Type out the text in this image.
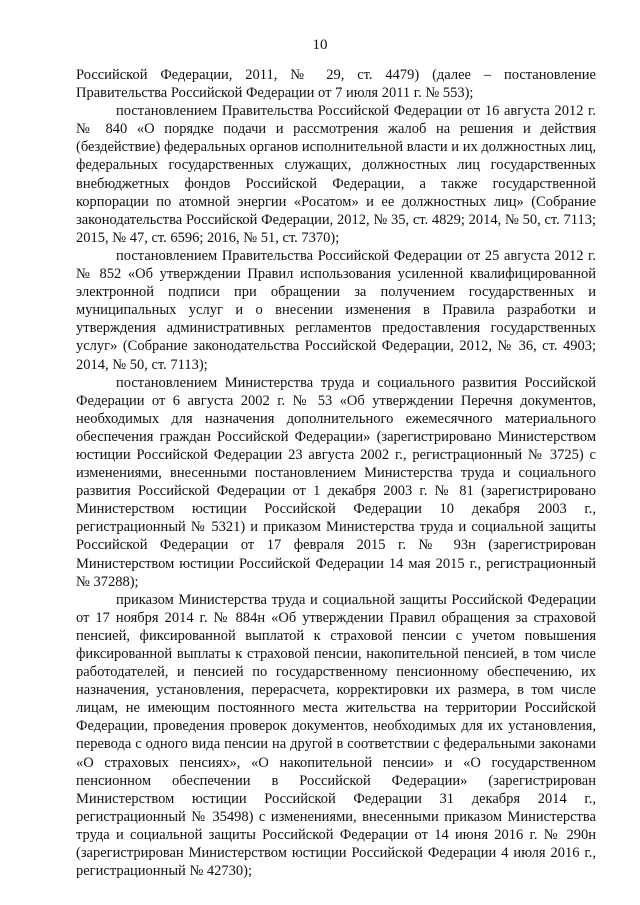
10

Российской Федерации, 2011, № 29, ст. 4479) (далее – постановление Правительства Российской Федерации от 7 июля 2011 г. № 553);

постановлением Правительства Российской Федерации от 16 августа 2012 г. № 840 «О порядке подачи и рассмотрения жалоб на решения и действия (бездействие) федеральных органов исполнительной власти и их должностных лиц, федеральных государственных служащих, должностных лиц государственных внебюджетных фондов Российской Федерации, а также государственной корпорации по атомной энергии «Росатом» и ее должностных лиц» (Собрание законодательства Российской Федерации, 2012, № 35, ст. 4829; 2014, № 50, ст. 7113; 2015, № 47, ст. 6596; 2016, № 51, ст. 7370);

постановлением Правительства Российской Федерации от 25 августа 2012 г. № 852 «Об утверждении Правил использования усиленной квалифицированной электронной подписи при обращении за получением государственных и муниципальных услуг и о внесении изменения в Правила разработки и утверждения административных регламентов предоставления государственных услуг» (Собрание законодательства Российской Федерации, 2012, № 36, ст. 4903; 2014, № 50, ст. 7113);

постановлением Министерства труда и социального развития Российской Федерации от 6 августа 2002 г. № 53 «Об утверждении Перечня документов, необходимых для назначения дополнительного ежемесячного материального обеспечения граждан Российской Федерации» (зарегистрировано Министерством юстиции Российской Федерации 23 августа 2002 г., регистрационный № 3725) с изменениями, внесенными постановлением Министерства труда и социального развития Российской Федерации от 1 декабря 2003 г. № 81 (зарегистрировано Министерством юстиции Российской Федерации 10 декабря 2003 г., регистрационный № 5321) и приказом Министерства труда и социальной защиты Российской Федерации от 17 февраля 2015 г. № 93н (зарегистрирован Министерством юстиции Российской Федерации 14 мая 2015 г., регистрационный № 37288);

приказом Министерства труда и социальной защиты Российской Федерации от 17 ноября 2014 г. № 884н «Об утверждении Правил обращения за страховой пенсией, фиксированной выплатой к страховой пенсии с учетом повышения фиксированной выплаты к страховой пенсии, накопительной пенсией, в том числе работодателей, и пенсией по государственному пенсионному обеспечению, их назначения, установления, перерасчета, корректировки их размера, в том числе лицам, не имеющим постоянного места жительства на территории Российской Федерации, проведения проверок документов, необходимых для их установления, перевода с одного вида пенсии на другой в соответствии с федеральными законами «О страховых пенсиях», «О накопительной пенсии» и «О государственном пенсионном обеспечении в Российской Федерации» (зарегистрирован Министерством юстиции Российской Федерации 31 декабря 2014 г., регистрационный № 35498) с изменениями, внесенными приказом Министерства труда и социальной защиты Российской Федерации от 14 июня 2016 г. № 290н (зарегистрирован Министерством юстиции Российской Федерации 4 июля 2016 г., регистрационный № 42730);
